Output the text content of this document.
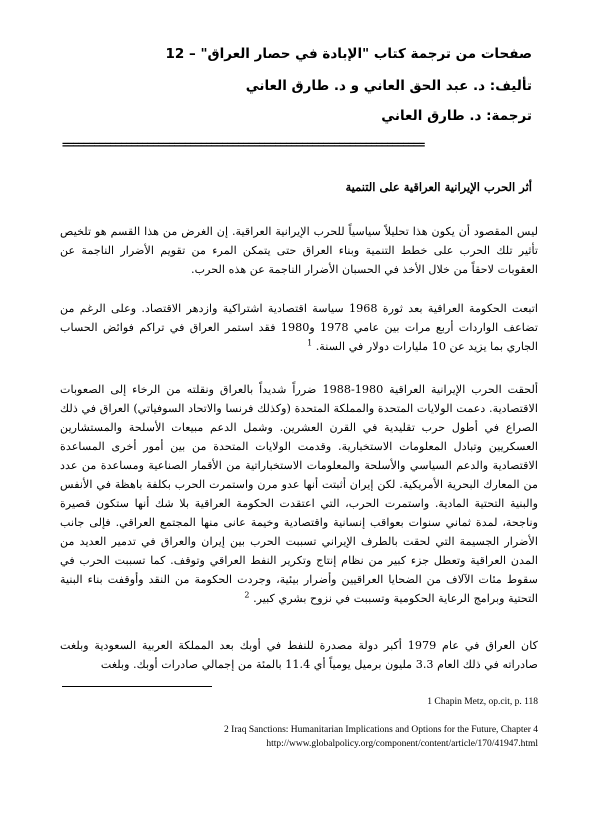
صفحات من ترجمة كتاب "الإبادة في حصار العراق" – 12
تأليف: د. عبد الحق العاني و د. طارق العاني
ترجمة: د. طارق العاني
====================================================================
أثر الحرب الإيرانية العراقية على التنمية
ليس المقصود أن يكون هذا تحليلاً سياسياً للحرب الإيرانية العراقية. إن الغرض من هذا القسم هو تلخيص تأثير تلك الحرب على خطط التنمية وبناء العراق حتى يتمكن المرء من تقويم الأضرار الناجمة عن العقوبات لاحقاً من خلال الأخذ في الحسبان الأضرار الناجمة عن هذه الحرب.
اتبعت الحكومة العراقية بعد ثورة 1968 سياسة اقتصادية اشتراكية وازدهر الاقتصاد. وعلى الرغم من تضاعف الواردات أربع مرات بين عامي 1978 و1980 فقد استمر العراق في تراكم فوائض الحساب الجاري بما يزيد عن 10 مليارات دولار في السنة. $^1$
ألحقت الحرب الإيرانية العراقية 1980-1988 ضرراً شديداً بالعراق ونقلته من الرخاء إلى الصعوبات الاقتصادية. دعمت الولايات المتحدة والمملكة المتحدة (وكذلك فرنسا والاتحاد السوفياتي) العراق في ذلك الصراع في أطول حرب تقليدية في القرن العشرين. وشمل الدعم مبيعات الأسلحة والمستشارين العسكريين وتبادل المعلومات الاستخبارية. وقدمت الولايات المتحدة من بين أمور أخرى المساعدة الاقتصادية والدعم السياسي والأسلحة والمعلومات الاستخباراتية من الأقمار الصناعية ومساعدة من عدد من المعارك البحرية الأمريكية. لكن إيران أثبتت أنها عدو مرن واستمرت الحرب بكلفة باهظة في الأنفس والبنية التحتية المادية. واستمرت الحرب، التي اعتقدت الحكومة العراقية بلا شك أنها ستكون قصيرة وناجحة، لمدة ثماني سنوات بعواقب إنسانية واقتصادية وخيمة عانى منها المجتمع العراقي. فإلى جانب الأضرار الجسيمة التي لحقت بالطرف الإيراني تسببت الحرب بين إيران والعراق في تدمير العديد من المدن العراقية وتعطل جزء كبير من نظام إنتاج وتكرير النفط العراقي وتوقف. كما تسببت الحرب في سقوط مئات الآلاف من الضحايا العراقيين وأضرار بيئية، وجردت الحكومة من النقد وأوقفت بناء البنية التحتية وبرامج الرعاية الحكومية وتسببت في نزوح بشري كبير. $^2$
كان العراق في عام 1979 أكبر دولة مصدرة للنفط في أوبك بعد المملكة العربية السعودية وبلغت صادراته في ذلك العام 3.3 مليون برميل يومياً أي 11.4 بالمئة من إجمالي صادرات أوبك. وبلغت
1 Chapin Metz, op.cit, p. 118
2 Iraq Sanctions: Humanitarian Implications and Options for the Future, Chapter 4
http://www.globalpolicy.org/component/content/article/170/41947.html
